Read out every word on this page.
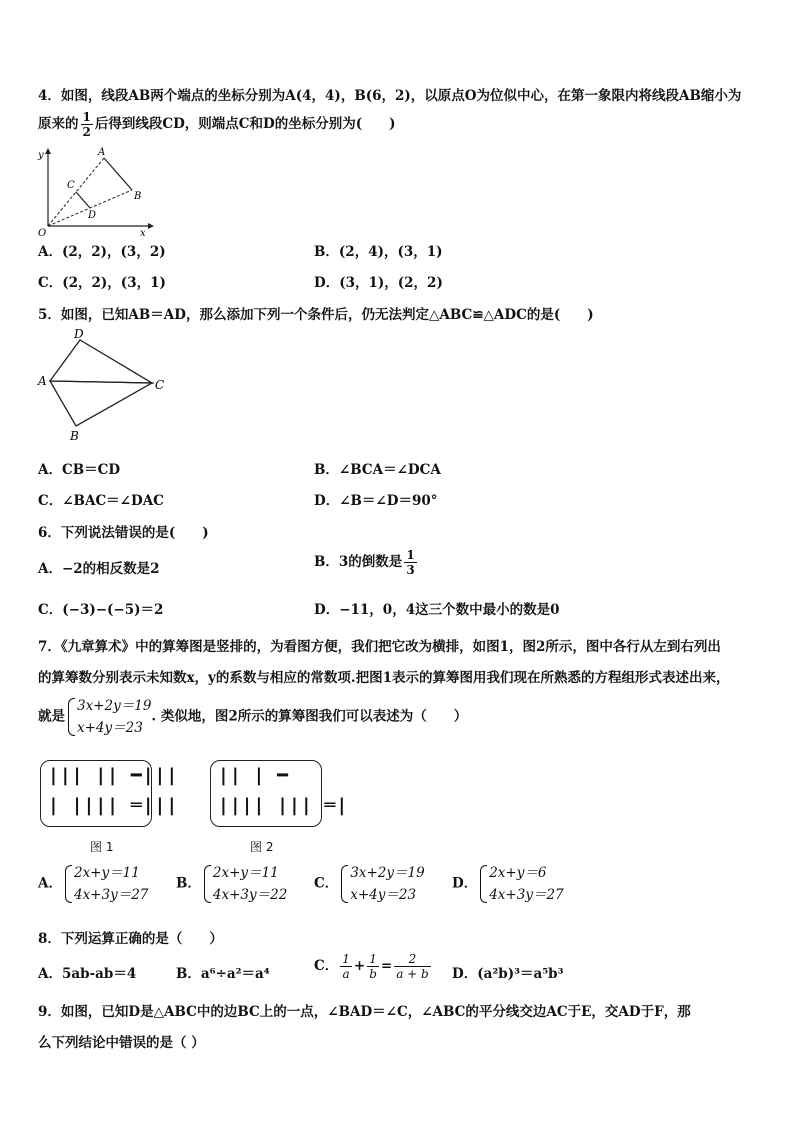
4．如图，线段AB两个端点的坐标分别为A(4，4)，B(6，2)，以原点O为位似中心，在第一象限内将线段AB缩小为
原来的 $\frac{1}{2}$ 后得到线段CD，则端点C和D的坐标分别为(　　)
y
x
O
A
B
C
D
A．(2，2)，(3，2)	B．(2，4)，(3，1)
C．(2，2)，(3，1)	D．(3，1)，(2，2)
5．如图，已知AB＝AD，那么添加下列一个条件后，仍无法判定△ABC≌△ADC的是(　　)
D
A	C
B
A．CB＝CD	B．∠BCA＝∠DCA
C．∠BAC＝∠DAC	D．∠B＝∠D＝90°
6．下列说法错误的是(　　)
A．−2的相反数是2	B．3的倒数是 $\frac{1}{3}$
C．(−3)−(−5)＝2	D．−11，0，4这三个数中最小的数是0
7．《九章算术》中的算筹图是竖排的，为看图方便，我们把它改为横排，如图1，图2所示，图中各行从左到右列出
的算筹数分别表示未知数x，y的系数与相应的常数项.把图1表示的算筹图用我们现在所熟悉的方程组形式表述出来，
就是
3x+2y＝19
x+4y＝23
. 类似地，图2所示的算筹图我们可以表述为（　　）
||| || ━|||
| |||| ═|||
图 1
|| | ━
|||| ||| ═|
图 2
A．
2x+y＝11
4x+3y＝27
B．
2x+y＝11
4x+3y＝22
C．
3x+2y＝19
x+4y＝23
D．
2x+y＝6
4x+3y＝27
8．下列运算正确的是（　　）
A．5ab-ab＝4	B．a⁶÷a²＝a⁴	C． $\frac{1}{a} + \frac{1}{b} = \frac{2}{a + b}$ D．(a²b)³＝a⁵b³
9．如图，已知D是△ABC中的边BC上的一点，∠BAD＝∠C，∠ABC的平分线交边AC于E，交AD于F，那
么下列结论中错误的是（ ）
